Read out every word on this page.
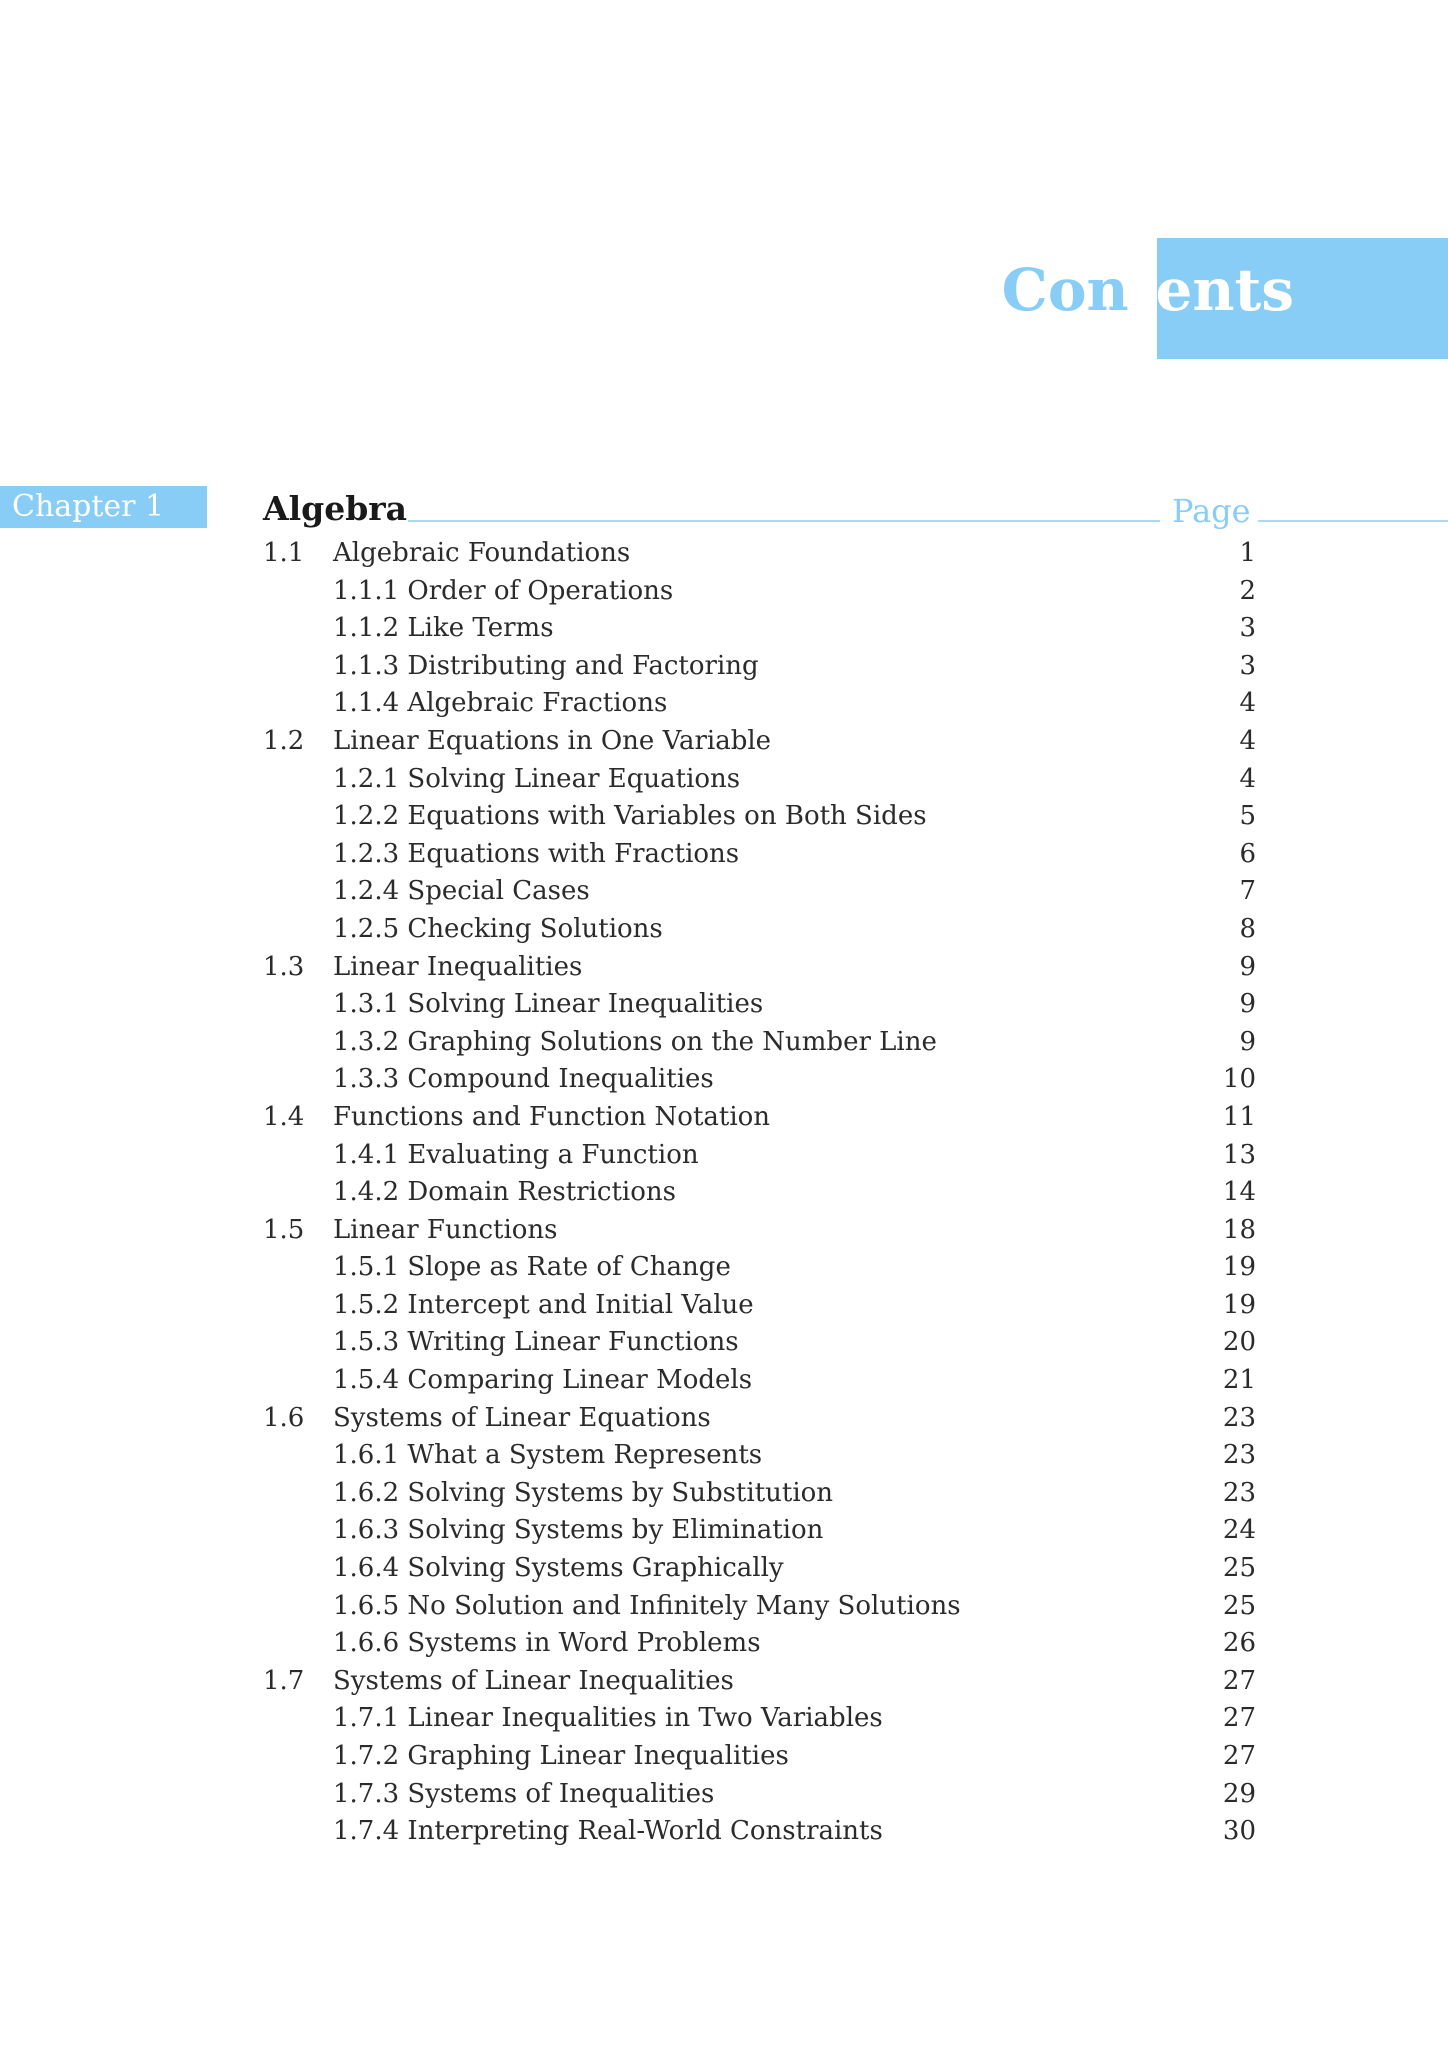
Contents
Chapter 1	Algebra	Page
1.1 Algebraic Foundations	1
1.1.1 Order of Operations	2
1.1.2 Like Terms	3
1.1.3 Distributing and Factoring	3
1.1.4 Algebraic Fractions	4
1.2 Linear Equations in One Variable	4
1.2.1 Solving Linear Equations	4
1.2.2 Equations with Variables on Both Sides	5
1.2.3 Equations with Fractions	6
1.2.4 Special Cases	7
1.2.5 Checking Solutions	8
1.3 Linear Inequalities	9
1.3.1 Solving Linear Inequalities	9
1.3.2 Graphing Solutions on the Number Line	9
1.3.3 Compound Inequalities	10
1.4 Functions and Function Notation	11
1.4.1 Evaluating a Function	13
1.4.2 Domain Restrictions	14
1.5 Linear Functions	18
1.5.1 Slope as Rate of Change	19
1.5.2 Intercept and Initial Value	19
1.5.3 Writing Linear Functions	20
1.5.4 Comparing Linear Models	21
1.6 Systems of Linear Equations	23
1.6.1 What a System Represents	23
1.6.2 Solving Systems by Substitution	23
1.6.3 Solving Systems by Elimination	24
1.6.4 Solving Systems Graphically	25
1.6.5 No Solution and Infinitely Many Solutions	25
1.6.6 Systems in Word Problems	26
1.7 Systems of Linear Inequalities	27
1.7.1 Linear Inequalities in Two Variables	27
1.7.2 Graphing Linear Inequalities	27
1.7.3 Systems of Inequalities	29
1.7.4 Interpreting Real-World Constraints	30
